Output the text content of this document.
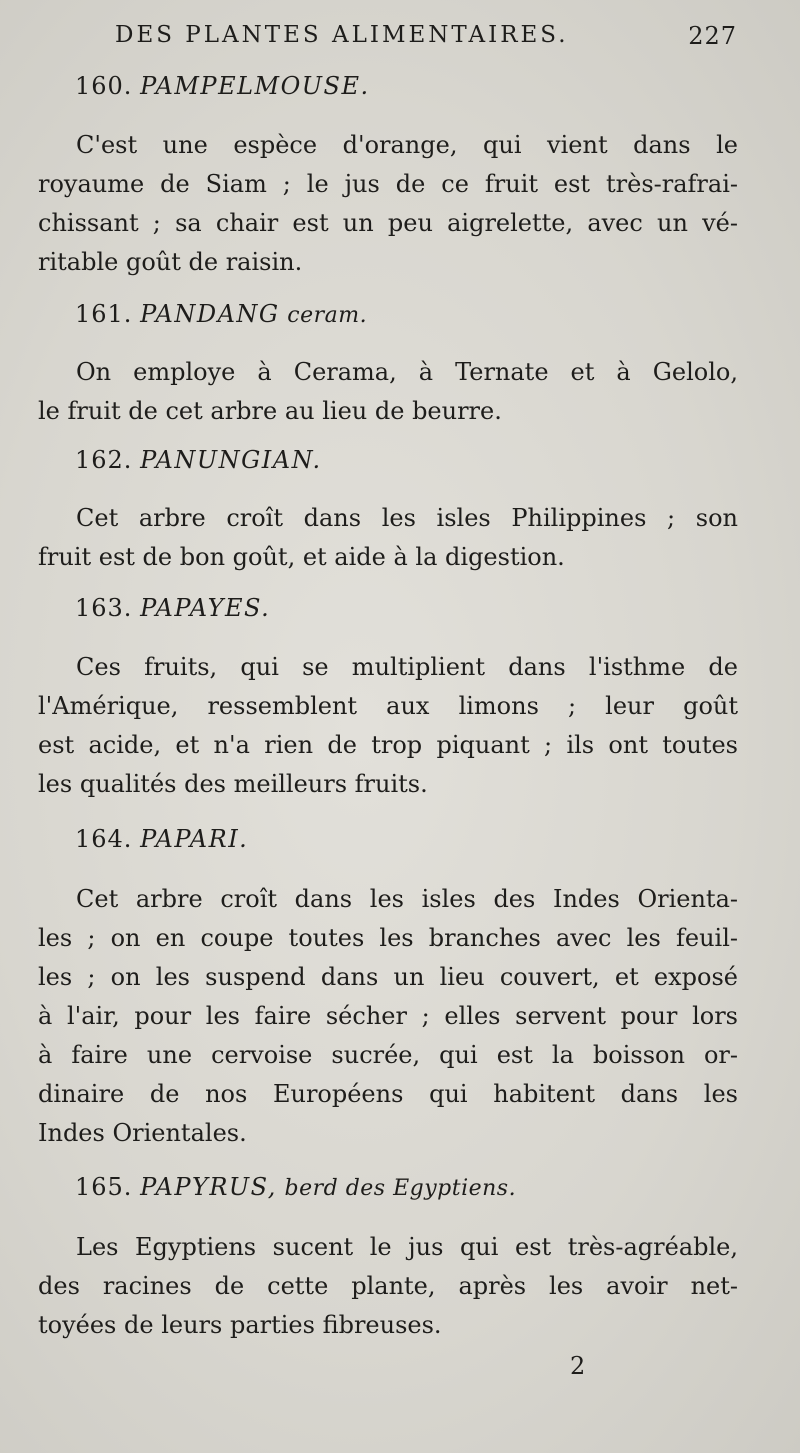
DES PLANTES ALIMENTAIRES.	227
160. PAMPELMOUSE.
C'est une espèce d'orange, qui vient dans le
royaume de Siam ; le jus de ce fruit est très-rafrai-
chissant ; sa chair est un peu aigrelette, avec un vé-
ritable goût de raisin.
161. PANDANG ceram.
On employe à Cerama, à Ternate et à Gelolo,
le fruit de cet arbre au lieu de beurre.
162. PANUNGIAN.
Cet arbre croît dans les isles Philippines ; son
fruit est de bon goût, et aide à la digestion.
163. PAPAYES.
Ces fruits, qui se multiplient dans l'isthme de
l'Amérique, ressemblent aux limons ; leur goût
est acide, et n'a rien de trop piquant ; ils ont toutes
les qualités des meilleurs fruits.
164. PAPARI.
Cet arbre croît dans les isles des Indes Orienta-
les ; on en coupe toutes les branches avec les feuil-
les ; on les suspend dans un lieu couvert, et exposé
à l'air, pour les faire sécher ; elles servent pour lors
à faire une cervoise sucrée, qui est la boisson or-
dinaire de nos Européens qui habitent dans les
Indes Orientales.
165. PAPYRUS, berd des Egyptiens.
Les Egyptiens sucent le jus qui est très-agréable,
des racines de cette plante, après les avoir net-
toyées de leurs parties fibreuses.
2
